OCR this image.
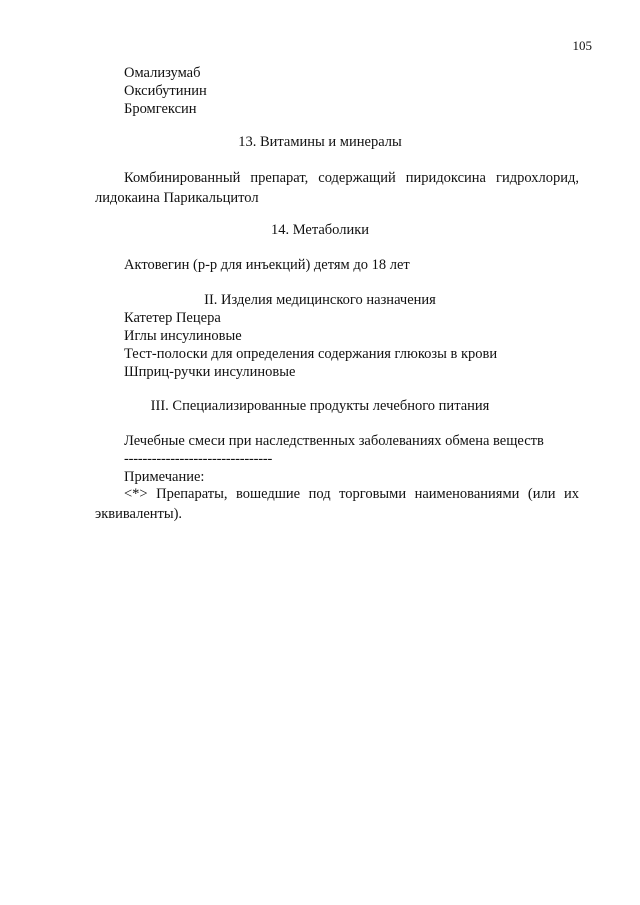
105
Омализумаб
Оксибутинин
Бромгексин
13. Витамины и минералы
Комбинированный препарат, содержащий пиридоксина гидрохлорид, лидокаина Парикальцитол
14. Метаболики
Актовегин (р-р для инъекций) детям до 18 лет
II. Изделия медицинского назначения
Катетер Пецера
Иглы инсулиновые
Тест-полоски для определения содержания глюкозы в крови
Шприц-ручки инсулиновые
III. Специализированные продукты лечебного питания
Лечебные смеси при наследственных заболеваниях обмена веществ
--------------------------------
Примечание:
<*> Препараты, вошедшие под торговыми наименованиями (или их эквиваленты).
